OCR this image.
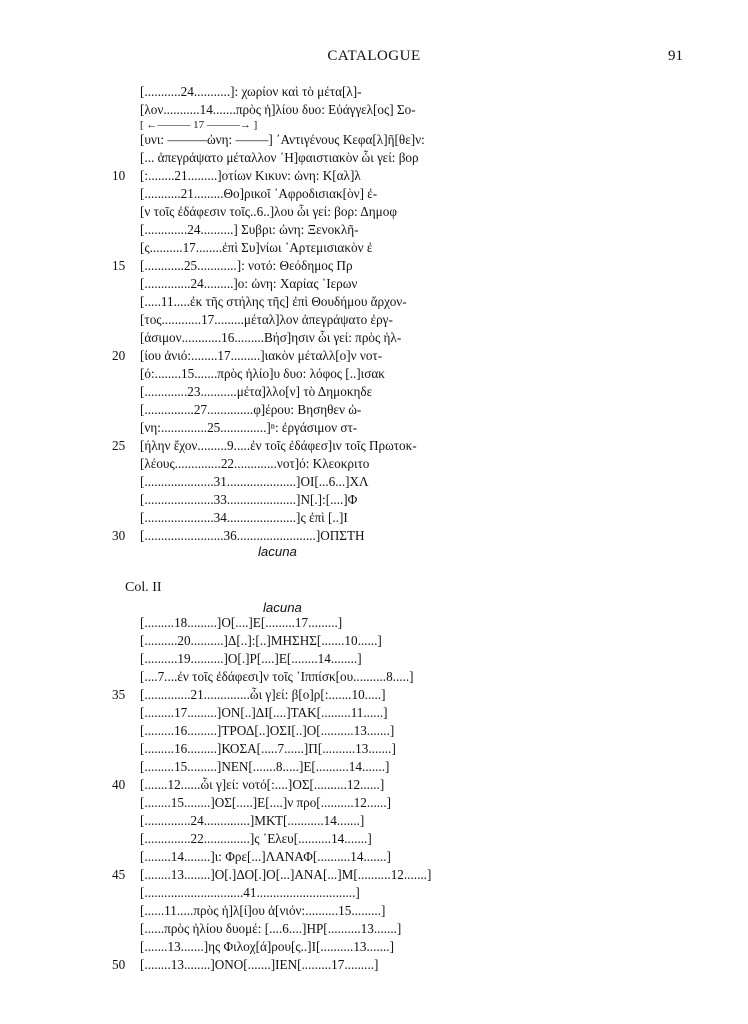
CATALOGUE	91
[...........24...........]: χωρίον καὶ τὸ μέτα[λ]-
[λον...........14.......πρὸς ἡ]λίου δυο: Εὐάγγελ[ος] Σο-
[ ←——— 17 ———→ ]
[υνι: ––––––ὠνη: –––––] ᾿Αντιγένους Κεφα[λ]ῆ[θε]ν:
[... ἀπεγράψατο μέταλλον ῾Η]φαιστιακὸν ὧι γεί: βορ
10	[:........21.........]οτίων Κικυν: ὠνη: Κ[αλ]λ
[...........21.........Θο]ρικοῖ ᾿Αφροδισιακ[ὸν] ἐ-
[ν τοῖς ἐδάφεσιν τοῖς..6..]λου ὧι γεί: βορ: Δημοφ
[.............24..........] Συβρι: ὠνη: Ξενοκλῆ-
[ς..........17........ἐπὶ Συ]νίωι ᾿Αρτεμισιακὸν ἐ
15	[............25............]: νοτό: Θεόδημος Πρ
[..............24.........]ο: ὠνη: Χαρίας ῾Ιερων
[.....11.....ἐκ τῆς στήλης τῆς] ἐπὶ Θουδήμου ἄρχον-
[τος............17.........μέταλ]λον ἀπεγράψατο ἐργ-
[άσιμον............16.........Βήσ]ησιν ὧι γεί: πρὸς ἡλ-
20	[ίου ἀνιό:........17.........]ιακὸν μέταλλ[ο]ν νοτ-
[ό:........15.......πρὸς ἡλίο]υ δυο: λόφος [..]ισακ
[.............23...........μέτα]λλο[ν] τὸ Δημοκηδε
[...............27..............φ]έρου: Βησηθεν ὠ-
[νη:..............25..............]ⁿ: ἐργάσιμον στ-
25	[ήλην ἔχον.........9.....ἐν τοῖς ἐδάφεσ]ιν τοῖς Πρωτοκ-
[λέους..............22.............νοτ]ό: Κλεοκριτο
[.....................31.....................]ΟΙ[...6...]ΧΛ
[.....................33.....................]Ν[.]:[....]Φ
[.....................34.....................]ς ἐπὶ [..]Ι
30	[........................36........................]ΟΠΣΤΗ
lacuna
Col. II
lacuna
[.........18.........]Ο[....]Ε[.........17.........]
[..........20..........]Δ[..]:[..]ΜΗΣΗΣ[.......10......]
[..........19..........]Ο[.]Ρ[....]Ε[........14........]
[....7....ἐν τοῖς ἐδάφεσι]ν τοῖς ῾Ιππίσκ[ου..........8.....]
35	[..............21..............ὧι γ]εί: β[ο]ρ[:.......10.....]
[.........17.........]ΟΝ[..]ΔΙ[....]ΤΑΚ[.........11......]
[.........16.........]ΤΡΟΔ[..]ΟΣΙ[..]Ο[..........13.......]
[.........16.........]ΚΟΣΑ[.....7......]Π[..........13.......]
[.........15.........]ΝΕΝ[.......8.....]Ε[..........14.......]
40	[.......12......ὧι γ]εί: νοτό[:....]ΟΣ[..........12......]
[........15........]ΟΣ[.....]Ε[....]ν προ[..........12......]
[..............24..............]ΜΚΤ[...........14.......]
[..............22..............]ς ᾿Ελευ[..........14.......]
[........14........]ι: Φρε[...]ΛΑΝΑΦ[..........14.......]
45	[........13........]Ο[.]ΔΟ[.]Ο[...]ΑΝΑ[...]Μ[..........12.......]
[..............................41..............................]
[......11.....πρὸς ἡ]λ[ί]ου ἀ[νιόν:..........15.........]
[......πρὸς ἡλίου δυομέ: [....6....]ΗΡ[..........13.......]
[.......13.......]ης Φιλοχ[ά]ρου[ς..]Ι[..........13.......]
50	[........13........]ΟΝΟ[.......]ΙΕΝ[.........17.........]
